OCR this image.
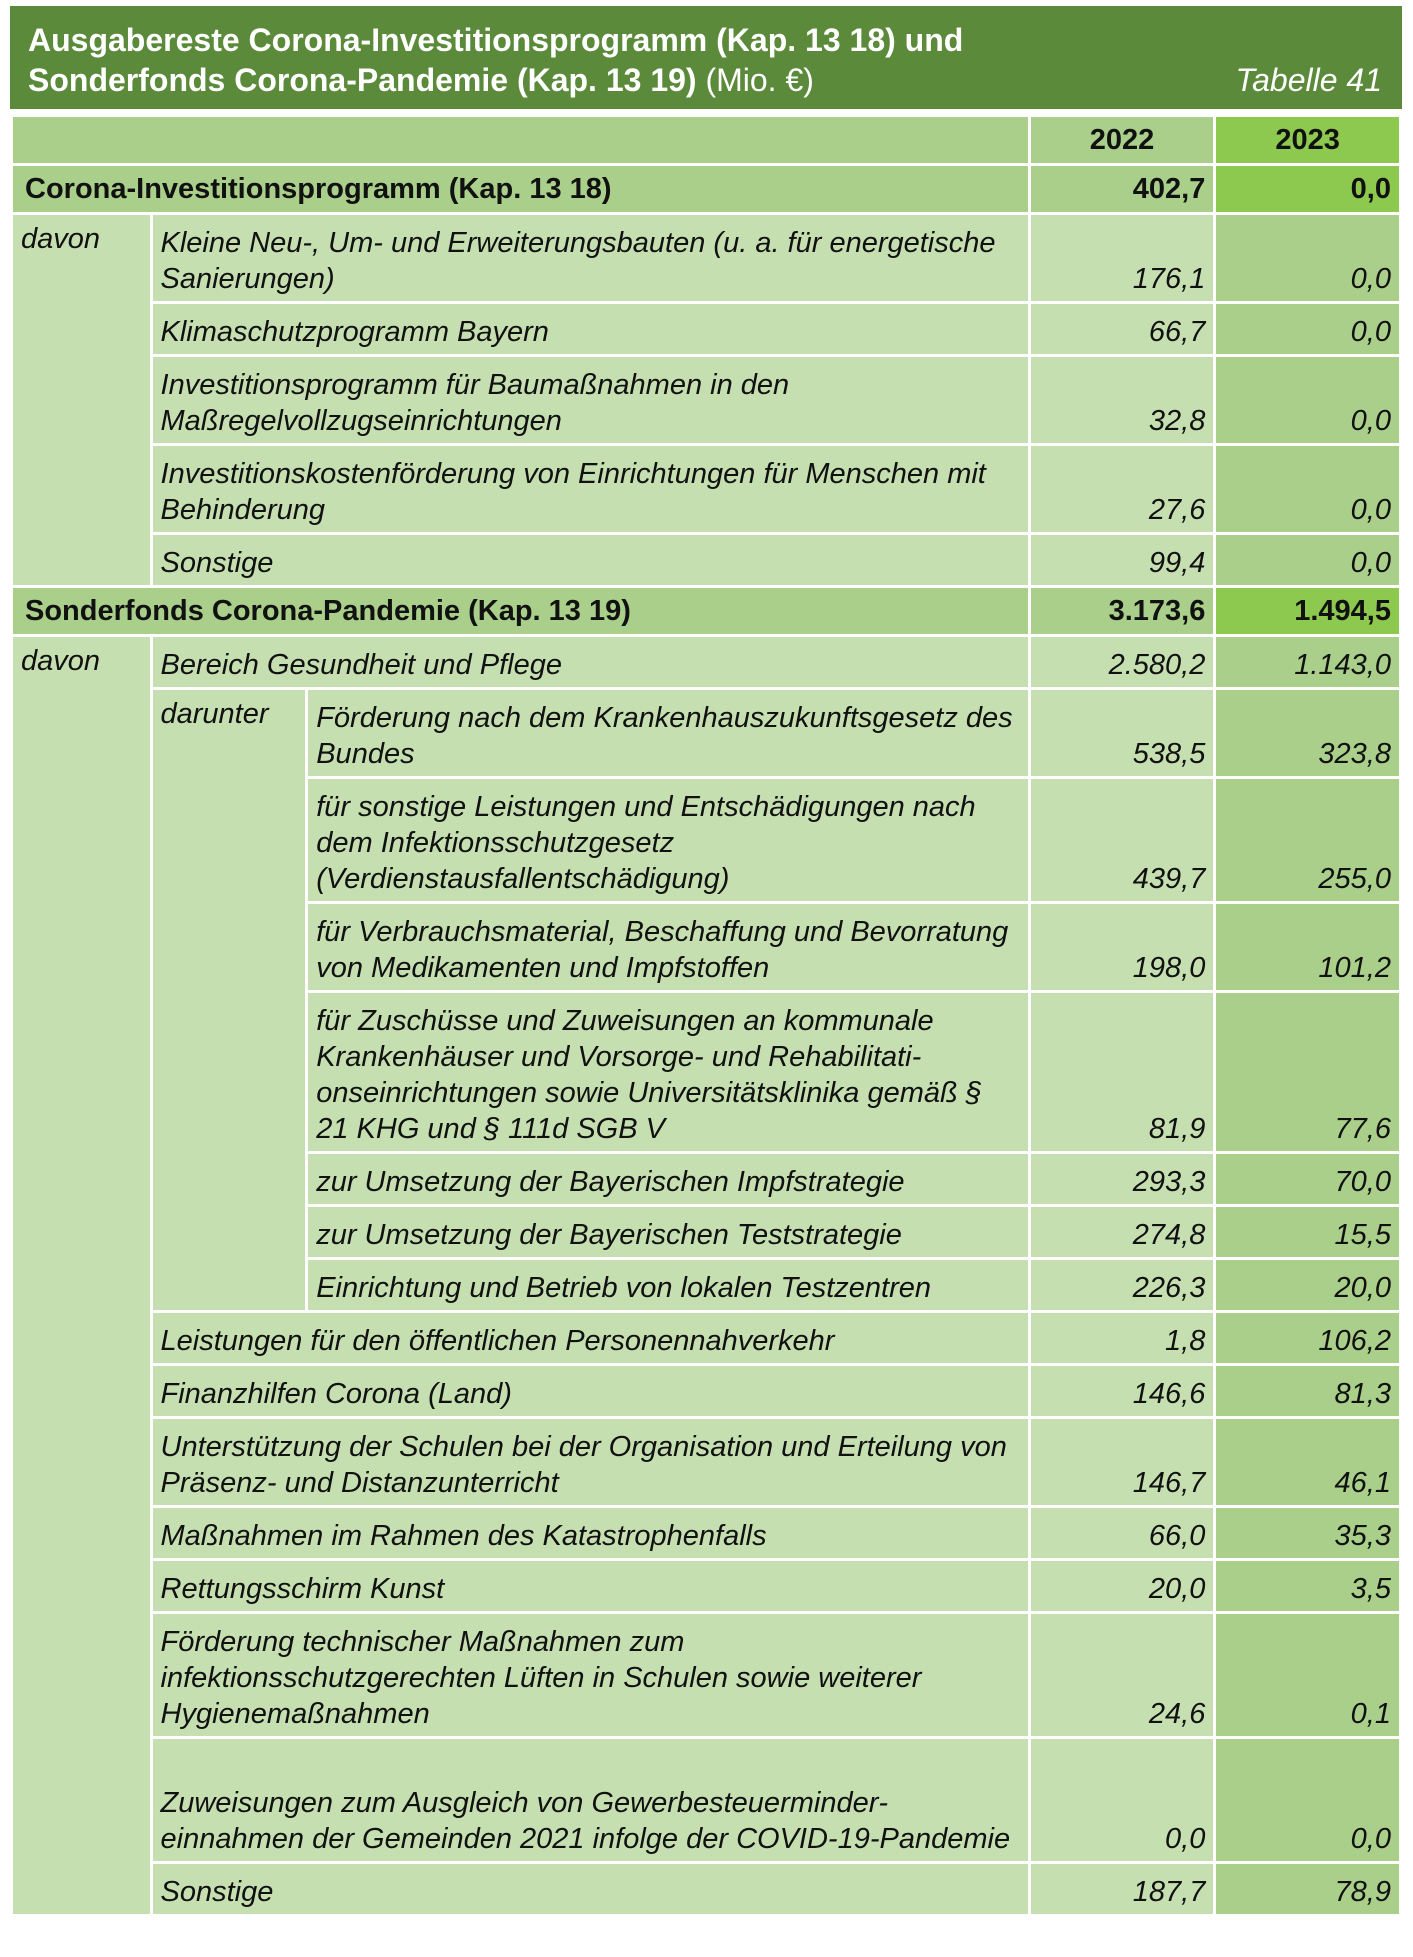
Ausgabereste Corona-Investitionsprogramm (Kap. 13 18) und
Sonderfonds Corona-Pandemie (Kap. 13 19) (Mio. €)	Tabelle 41
			2022	2023
Corona-Investitionsprogramm (Kap. 13 18)			402,7	0,0
davon	Kleine Neu-, Um- und Erweiterungsbauten (u. a. für energetische Sanierungen)		176,1	0,0
	Klimaschutzprogramm Bayern		66,7	0,0
	Investitionsprogramm für Baumaßnahmen in den Maßregelvollzugseinrichtungen		32,8	0,0
	Investitionskostenförderung von Einrichtungen für Menschen mit Behinderung		27,6	0,0
	Sonstige		99,4	0,0
Sonderfonds Corona-Pandemie (Kap. 13 19)			3.173,6	1.494,5
davon	Bereich Gesundheit und Pflege		2.580,2	1.143,0
	darunter	Förderung nach dem Krankenhauszukunftsgesetz des Bundes	538,5	323,8
		für sonstige Leistungen und Entschädigungen nach dem Infektionsschutzgesetz (Verdienstausfallentschädigung)	439,7	255,0
		für Verbrauchsmaterial, Beschaffung und Bevorratung von Medikamenten und Impfstoffen	198,0	101,2
		für Zuschüsse und Zuweisungen an kommunale Krankenhäuser und Vorsorge- und Rehabilitationseinrichtungen sowie Universitätsklinika gemäß § 21 KHG und § 111d SGB V	81,9	77,6
		zur Umsetzung der Bayerischen Impfstrategie	293,3	70,0
		zur Umsetzung der Bayerischen Teststrategie	274,8	15,5
		Einrichtung und Betrieb von lokalen Testzentren	226,3	20,0
	Leistungen für den öffentlichen Personennahverkehr		1,8	106,2
	Finanzhilfen Corona (Land)		146,6	81,3
	Unterstützung der Schulen bei der Organisation und Erteilung von Präsenz- und Distanzunterricht		146,7	46,1
	Maßnahmen im Rahmen des Katastrophenfalls		66,0	35,3
	Rettungsschirm Kunst		20,0	3,5
	Förderung technischer Maßnahmen zum infektionsschutzgerechten Lüften in Schulen sowie weiterer Hygienemaßnahmen		24,6	0,1
	Zuweisungen zum Ausgleich von Gewerbesteuermindereinnahmen der Gemeinden 2021 infolge der COVID-19-Pandemie		0,0	0,0
	Sonstige		187,7	78,9
